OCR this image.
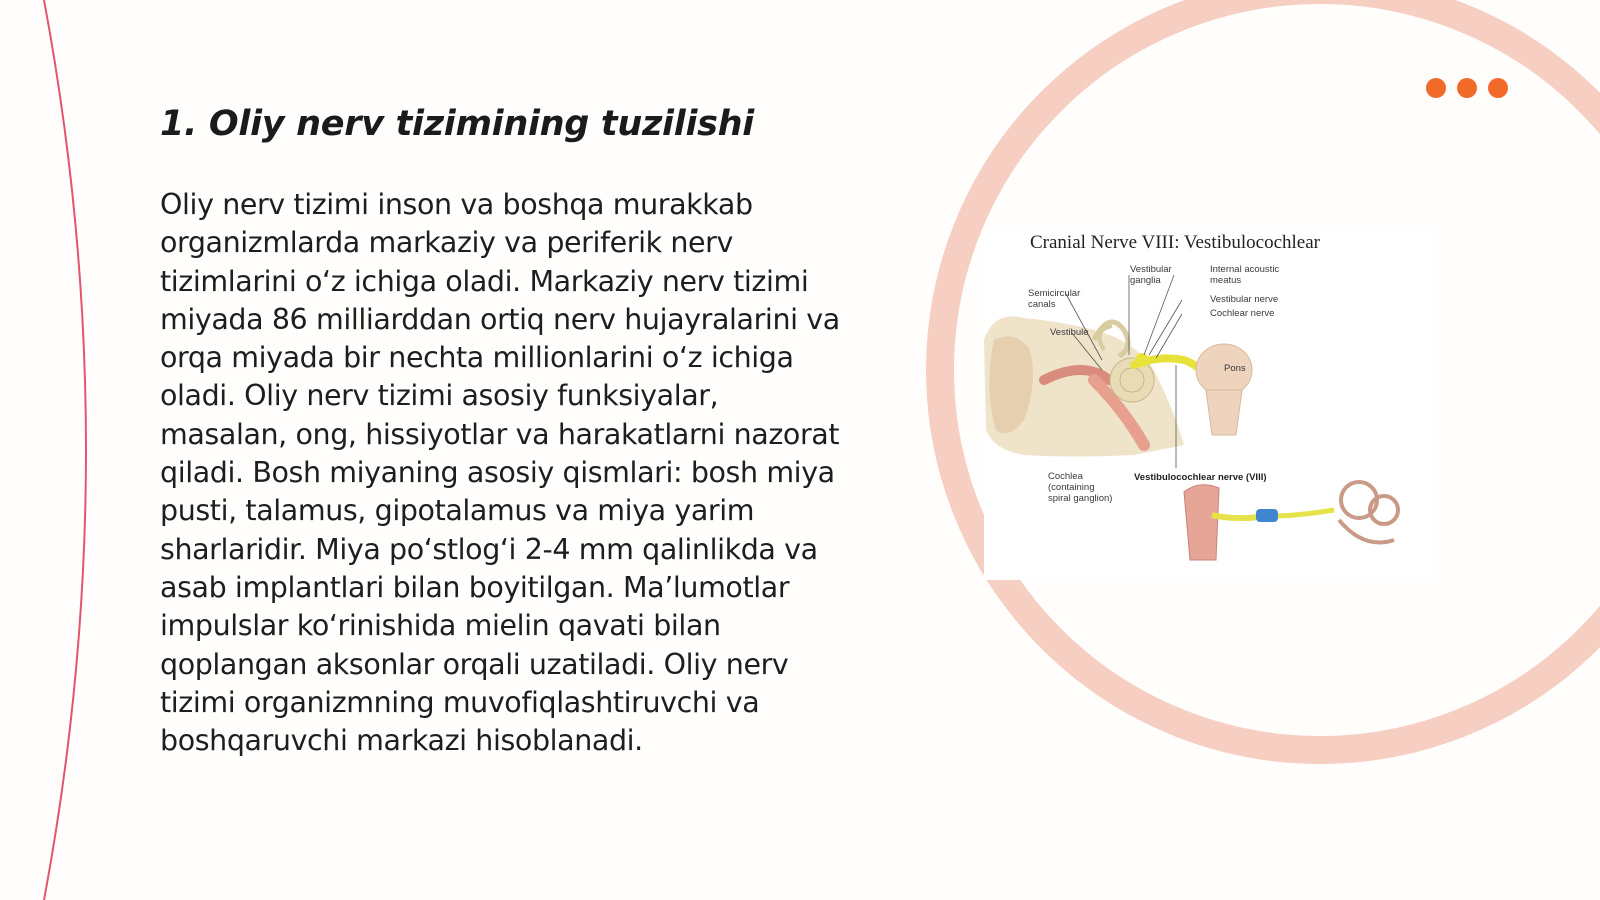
1. Oliy nerv tizimining tuzilishi

Oliy nerv tizimi inson va boshqa murakkab organizmlarda markaziy va periferik nerv tizimlarini o‘z ichiga oladi. Markaziy nerv tizimi miyada 86 milliarddan ortiq nerv hujayralarini va orqa miyada bir nechta millionlarini o‘z ichiga oladi. Oliy nerv tizimi asosiy funksiyalar, masalan, ong, hissiyotlar va harakatlarni nazorat qiladi. Bosh miyaning asosiy qismlari: bosh miya pusti, talamus, gipotalamus va miya yarim sharlaridir. Miya po‘stlog‘i 2-4 mm qalinlikda va asab implantlari bilan boyitilgan. Ma’lumotlar impulslar ko‘rinishida mielin qavati bilan qoplangan aksonlar orqali uzatiladi. Oliy nerv tizimi organizmning muvofiqlashtiruvchi va boshqaruvchi markazi hisoblanadi.

Cranial Nerve VIII: Vestibulocochlear
Vestibular
ganglia
Internal acoustic
meatus
Semicircular
canals	Vestibular nerve
Cochlear nerve
Vestibule
Pons
Cochlea
(containing
spiral ganglion)
Vestibulocochlear nerve (VIII)
